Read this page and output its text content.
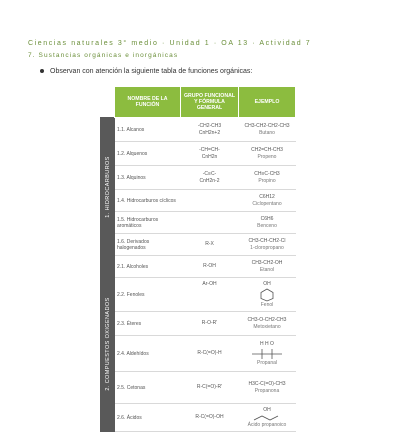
Ciencias naturales 3° medio · Unidad 1 · OA 13 · Actividad 7
7. Sustancias orgánicas e inorgánicas
Observan con atención la siguiente tabla de funciones orgánicas:
	NOMBRE DE LA FUNCIÓN	GRUPO FUNCIONAL Y FÓRMULA GENERAL	EJEMPLO

1. HIDROCARBUROS	1.1. Alcanos	-CH2-CH3
CnH2n+2	CH3-CH2-CH2-CH3
Butano

	1.2. Alquenos	-CH=CH-
CnH2n	CH2=CH-CH3
Propeno

	1.3. Alquinos	-C≡C-
CnH2n-2	CH≡C-CH3
Propino

	1.4. Hidrocarburos cíclicos		C6H12
Ciclopentano

	1.5. Hidrocarburos aromáticos		C6H6
Benceno

	1.6. Derivados halogenados	R-X	CH3-CH-CH2-Cl
1-cloropropano

2. COMPUESTOS OXIGENADOS	2.1. Alcoholes	R-OH	CH3-CH2-OH
Etanol

	2.2. Fenoles	Ar-OH	OH
Fenol

	2.3. Éteres	R-O-R'	CH3-O-CH2-CH3
Metoxietano

	2.4. Aldehídos	R-C(=O)-H	H H O
Propanal

	2.5. Cetonas	R-C(=O)-R'	H3C-C(=O)-CH3
Propanona

	2.6. Ácidos	R-C(=O)-OH	OH
Ácido propanoico
